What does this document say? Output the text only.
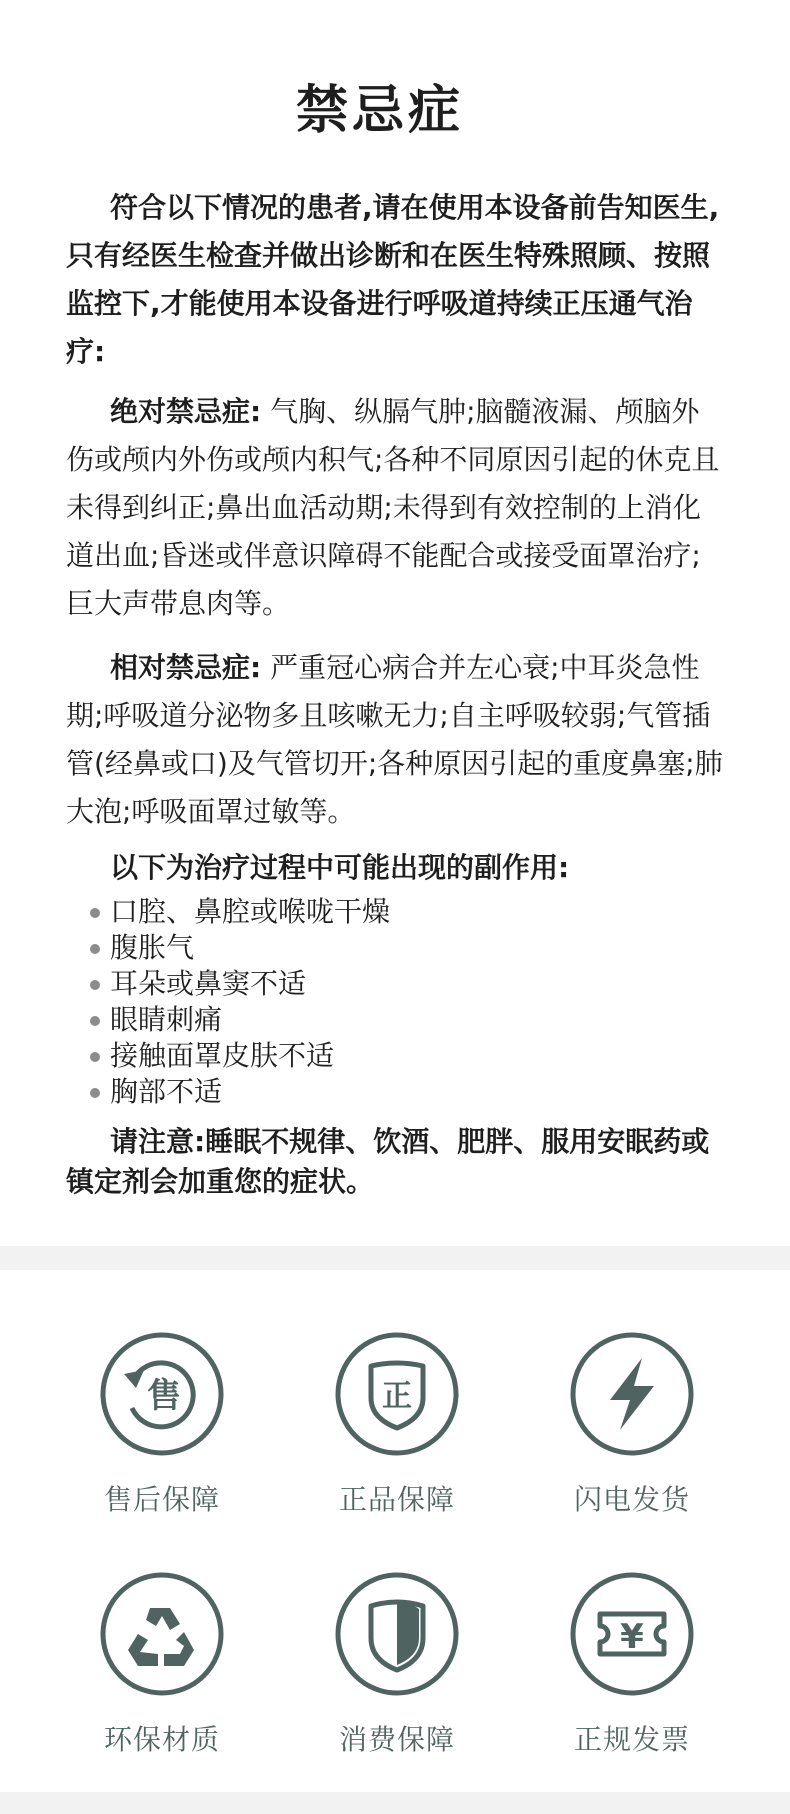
禁忌症
符合以下情况的患者,请在使用本设备前告知医生,只有经医生检查并做出诊断和在医生特殊照顾、按照监控下,才能使用本设备进行呼吸道持续正压通气治疗:
绝对禁忌症: 气胸、纵膈气肿;脑髓液漏、颅脑外伤或颅内外伤或颅内积气;各种不同原因引起的休克且未得到纠正;鼻出血活动期;未得到有效控制的上消化道出血;昏迷或伴意识障碍不能配合或接受面罩治疗;巨大声带息肉等。
相对禁忌症: 严重冠心病合并左心衰;中耳炎急性期;呼吸道分泌物多且咳嗽无力;自主呼吸较弱;气管插管(经鼻或口)及气管切开;各种原因引起的重度鼻塞;肺大泡;呼吸面罩过敏等。
以下为治疗过程中可能出现的副作用:
口腔、鼻腔或喉咙干燥
腹胀气
耳朵或鼻窦不适
眼睛刺痛
接触面罩皮肤不适
胸部不适
请注意:睡眠不规律、饮酒、肥胖、服用安眠药或镇定剂会加重您的症状。
售
售后保障
正
正品保障	闪电发货
环保材质	消费保障
¥
正规发票
